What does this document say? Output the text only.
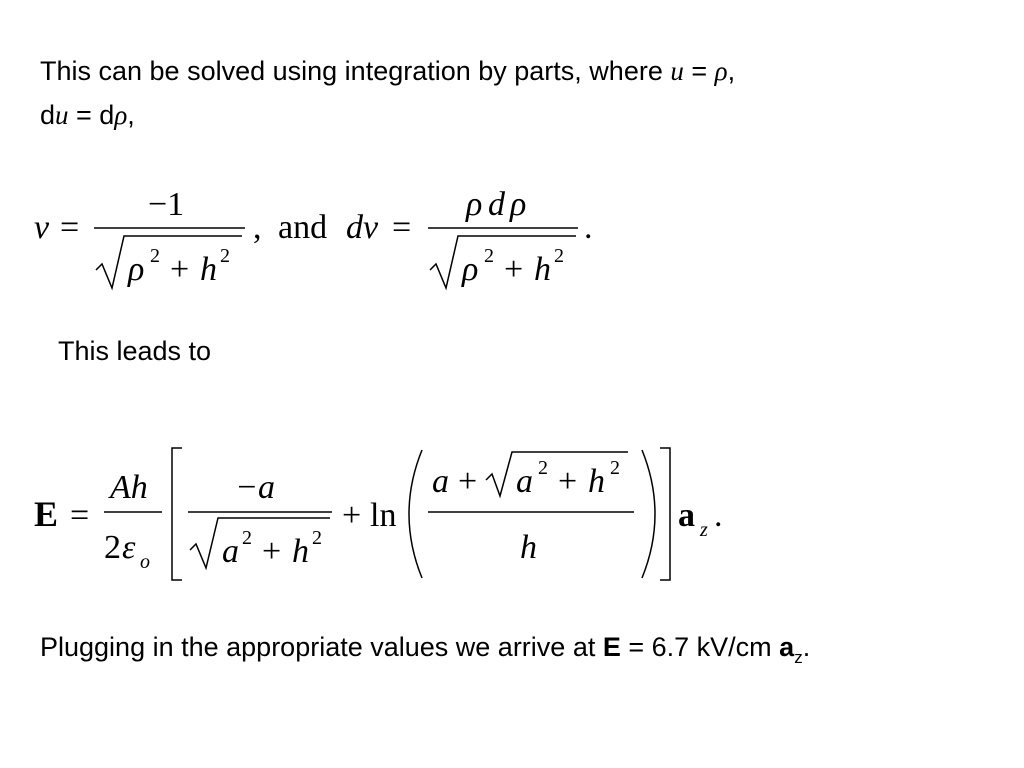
This can be solved using integration by parts, where u = ρ,
du = dρ,
v =
−1
ρ 2 + h 2
, and dv =
ρ d ρ
ρ 2 + h 2
.
This leads to
E =
Ah
2 ε o
−a
a 2 + h 2
+ ln
a + a 2 + h 2
h
a z .
Plugging in the appropriate values we arrive at E = 6.7 kV/cm $a_z$.
